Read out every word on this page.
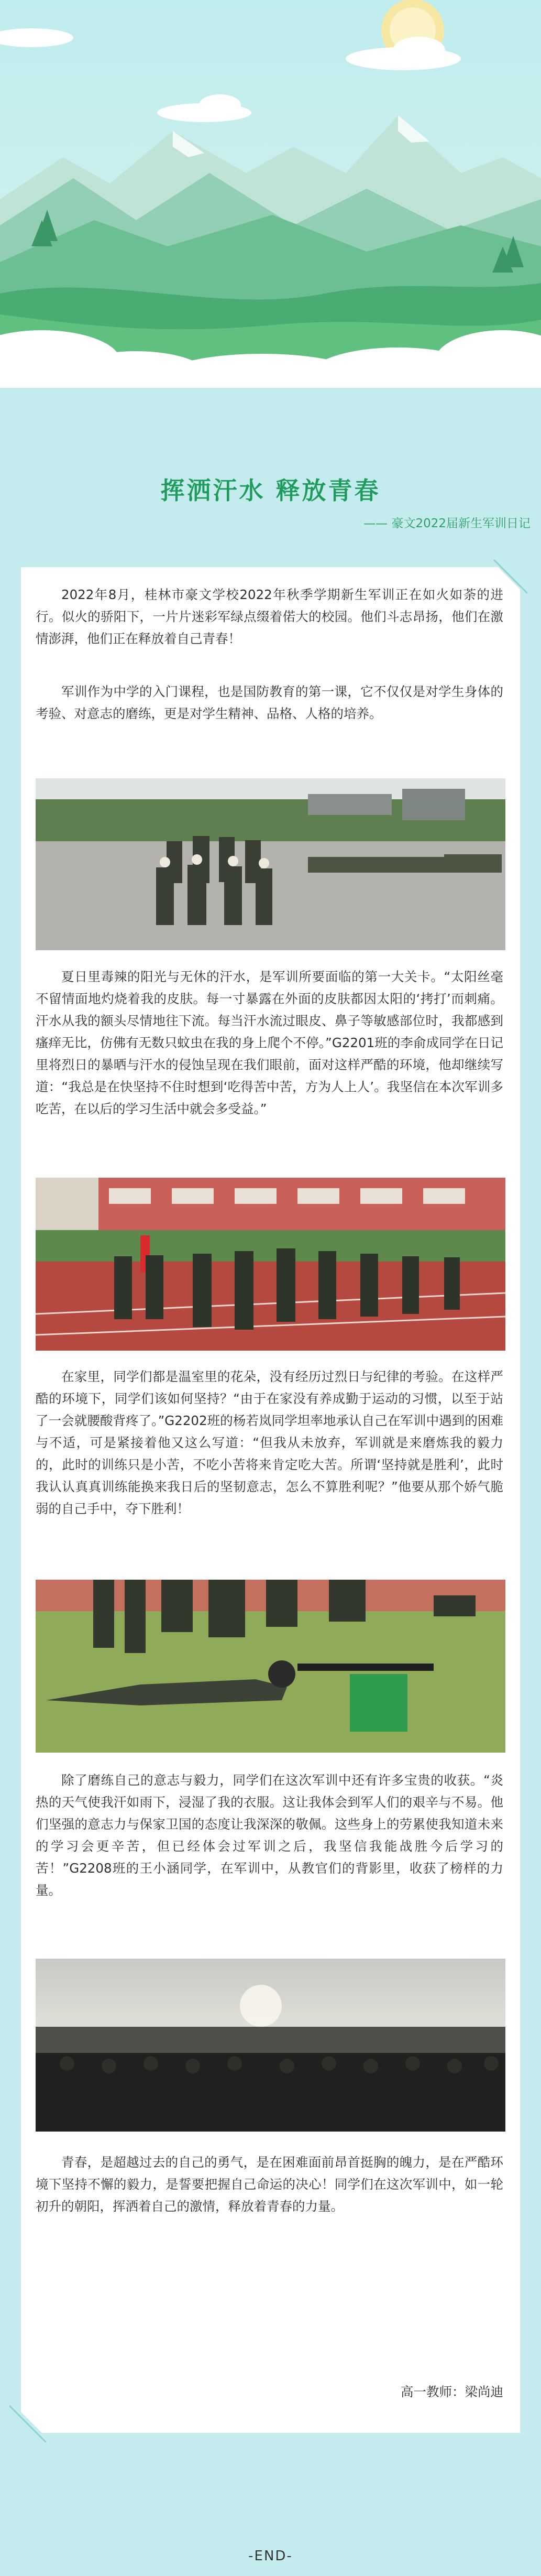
挥洒汗水 释放青春
—— 豪文2022届新生军训日记

2022年8月，桂林市豪文学校2022年秋季学期新生军训正在如火如荼的进行。似火的骄阳下，一片片迷彩军绿点缀着偌大的校园。他们斗志昂扬，他们在激情澎湃，他们正在释放着自己青春！

军训作为中学的入门课程，也是国防教育的第一课，它不仅仅是对学生身体的考验、对意志的磨练，更是对学生精神、品格、人格的培养。

夏日里毒辣的阳光与无休的汗水，是军训所要面临的第一大关卡。“太阳丝毫不留情面地灼烧着我的皮肤。每一寸暴露在外面的皮肤都因太阳的‘拷打’而刺痛。汗水从我的额头尽情地往下流。每当汗水流过眼皮、鼻子等敏感部位时，我都感到瘙痒无比，仿佛有无数只蚊虫在我的身上爬个不停。”G2201班的李俞成同学在日记里将烈日的暴晒与汗水的侵蚀呈现在我们眼前，面对这样严酷的环境，他却继续写道：“我总是在快坚持不住时想到‘吃得苦中苦，方为人上人’。我坚信在本次军训多吃苦，在以后的学习生活中就会多受益。”

在家里，同学们都是温室里的花朵，没有经历过烈日与纪律的考验。在这样严酷的环境下，同学们该如何坚持？“由于在家没有养成勤于运动的习惯，以至于站了一会就腰酸背疼了。”G2202班的杨若岚同学坦率地承认自己在军训中遇到的困难与不适，可是紧接着他又这么写道：“但我从未放弃，军训就是来磨炼我的毅力的，此时的训练只是小苦，不吃小苦将来肯定吃大苦。所谓‘坚持就是胜利’，此时我认认真真训练能换来我日后的坚韧意志，怎么不算胜利呢？”他要从那个娇气脆弱的自己手中，夺下胜利！

除了磨练自己的意志与毅力，同学们在这次军训中还有许多宝贵的收获。“炎热的天气使我汗如雨下，浸湿了我的衣服。这让我体会到军人们的艰辛与不易。他们坚强的意志力与保家卫国的态度让我深深的敬佩。这些身上的劳累使我知道未来的学习会更辛苦，但已经体会过军训之后，我坚信我能战胜今后学习的苦！”G2208班的王小涵同学，在军训中，从教官们的背影里，收获了榜样的力量。

青春，是超越过去的自己的勇气，是在困难面前昂首挺胸的魄力，是在严酷环境下坚持不懈的毅力，是誓要把握自己命运的决心！同学们在这次军训中，如一轮初升的朝阳，挥洒着自己的激情，释放着青春的力量。

高一教师：梁尚迪
-END-
